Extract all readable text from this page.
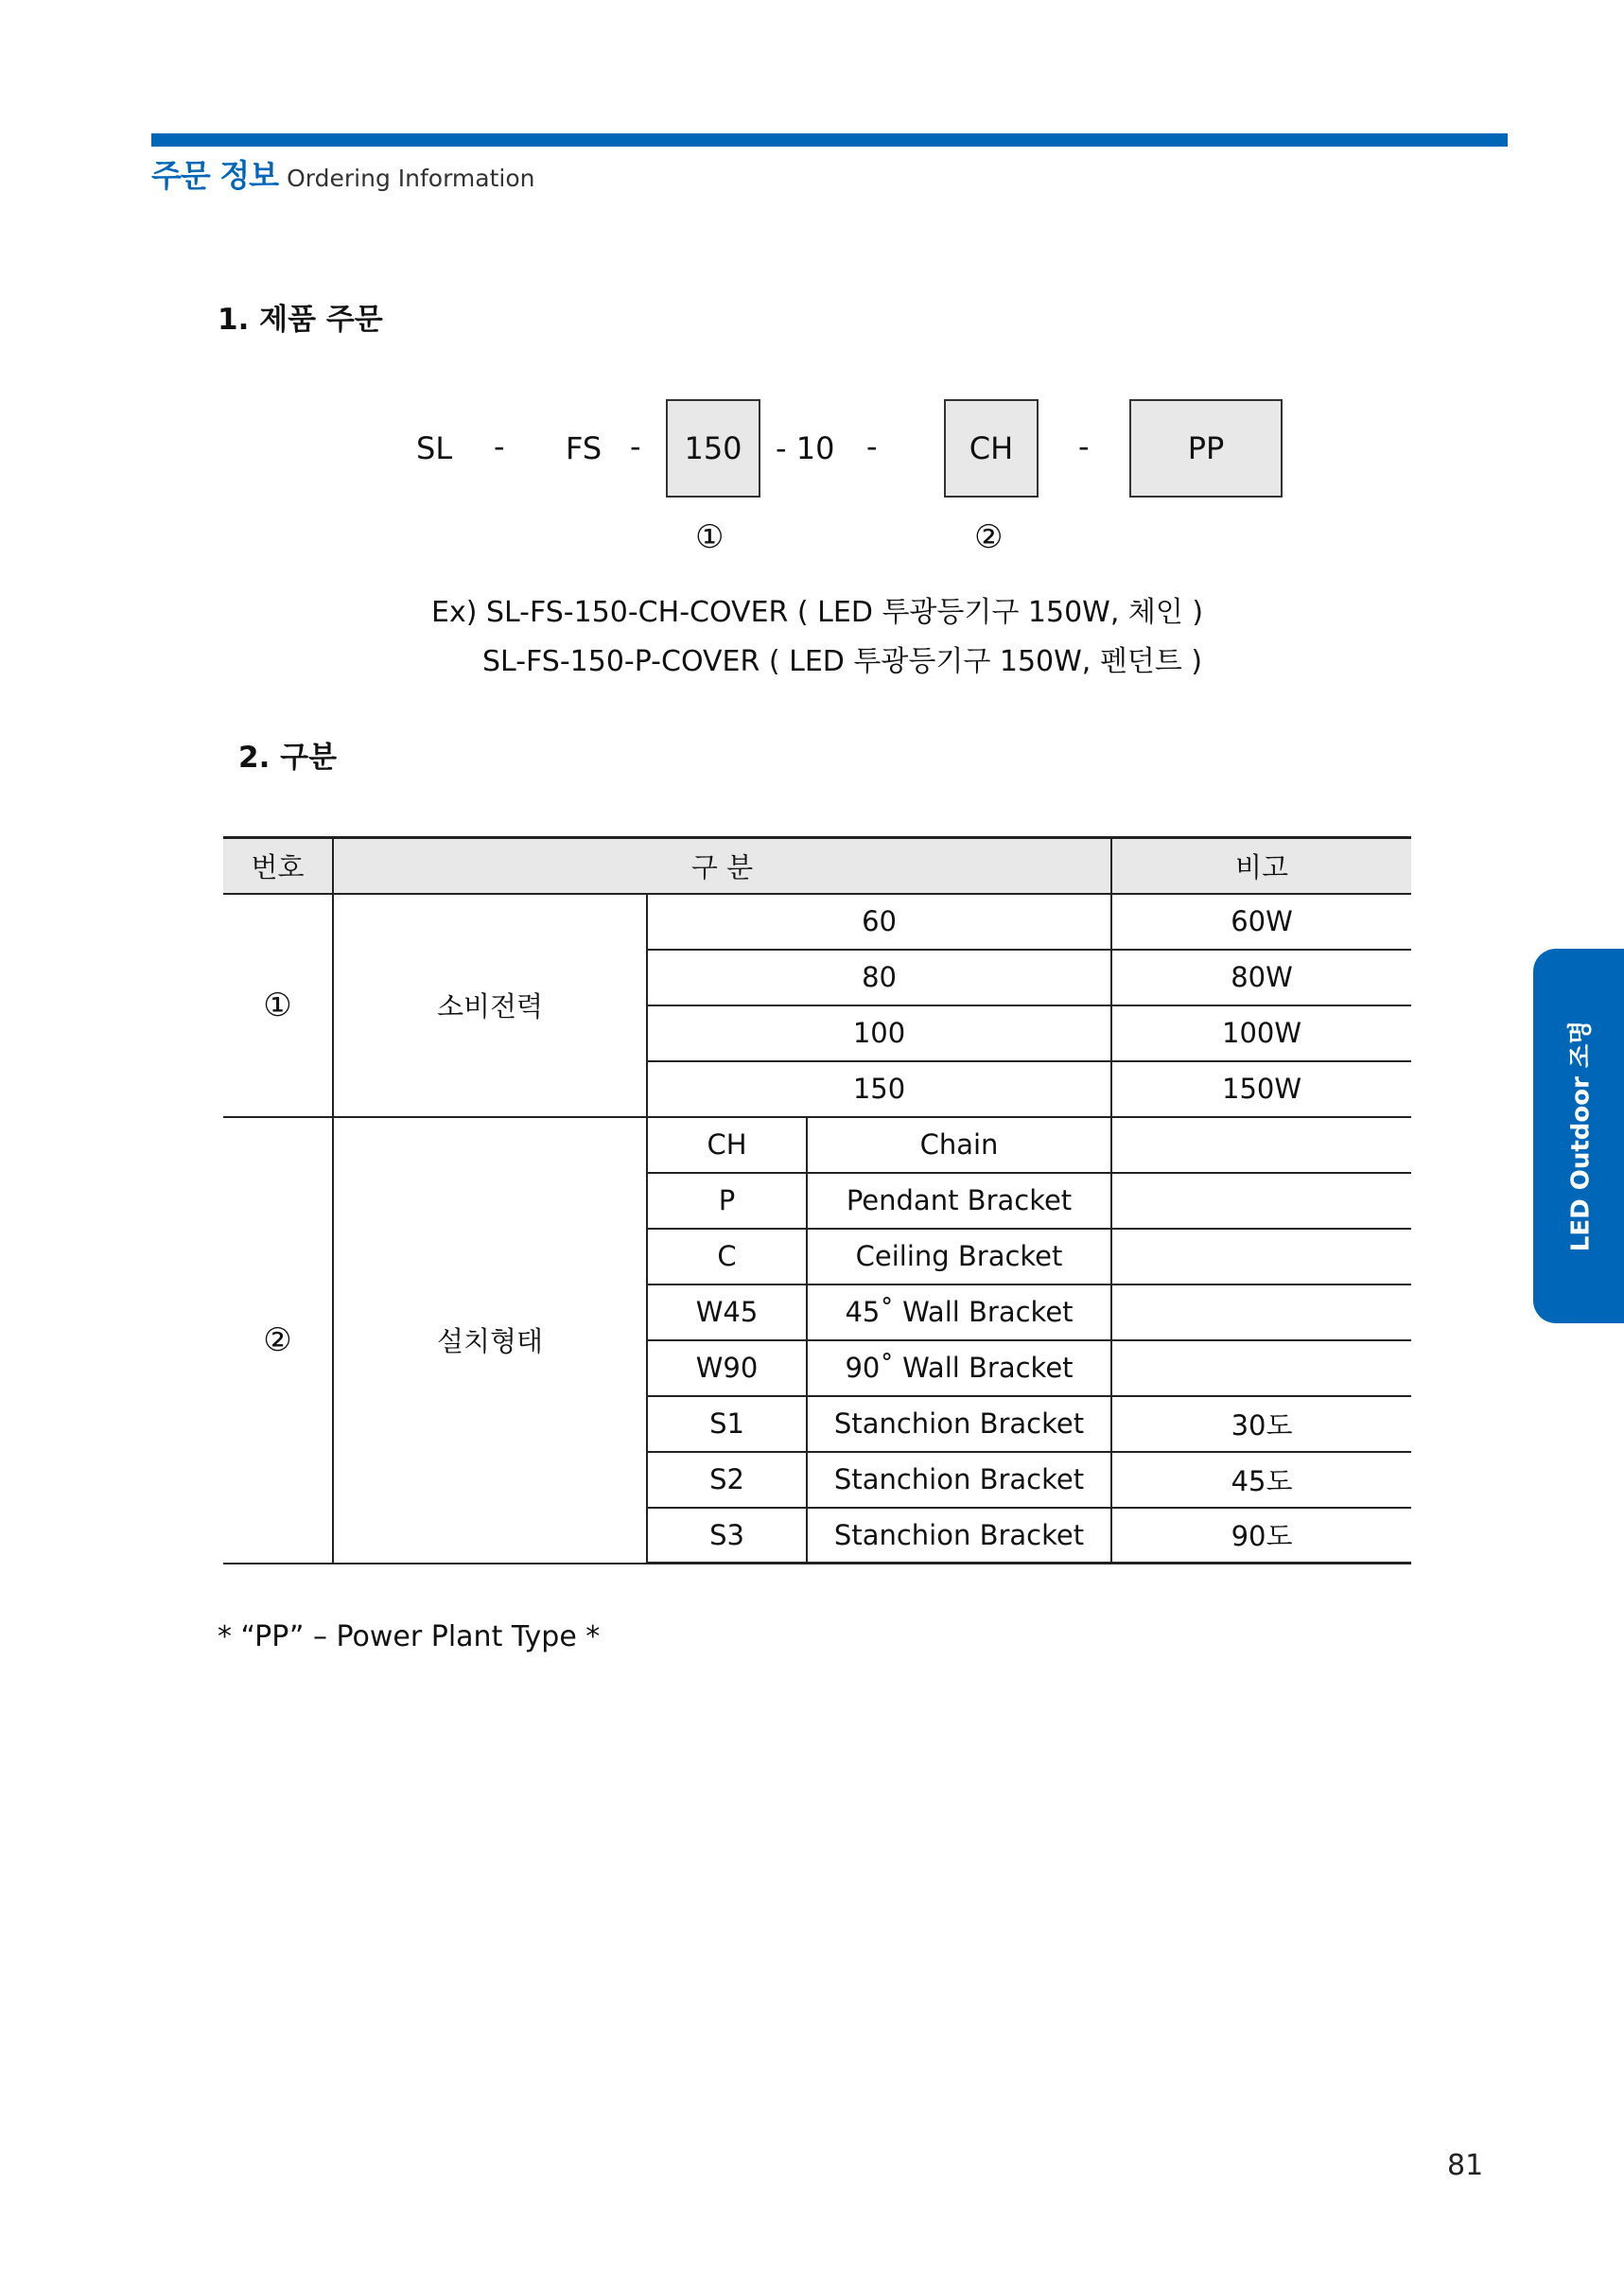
주문 정보 Ordering Information
1. 제품 주문
SL - FS -	150	- 10 -	CH	-	PP
①	②
Ex) SL-FS-150-CH-COVER ( LED 투광등기구 150W, 체인 )
SL-FS-150-P-COVER ( LED 투광등기구 150W, 펜던트 )
2. 구분
번호	구 분			비고
①	소비전력	60		60W
		80		80W
		100		100W
		150		150W
②	설치형태	CH	Chain	
		P	Pendant Bracket	
		C	Ceiling Bracket	
		W45	45˚ Wall Bracket	
		W90	90˚ Wall Bracket	
		S1	Stanchion Bracket	30도
		S2	Stanchion Bracket	45도
		S3	Stanchion Bracket	90도
* “PP” – Power Plant Type *
LED Outdoor 조명
81
